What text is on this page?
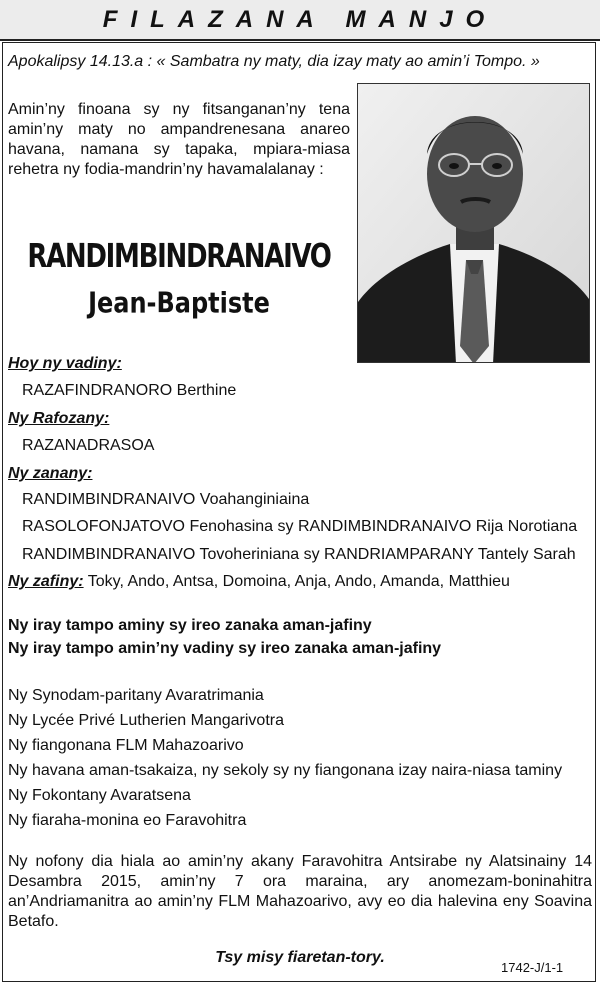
FILAZANA MANJO
Apokalipsy 14.13.a : « Sambatra ny maty, dia izay maty ao amin’i Tompo. »
Amin’ny finoana sy ny fitsanganan’ny tena amin’ny maty no ampandrenesana anareo havana, namana sy tapaka, mpiara-miasa rehetra ny fodia-mandrin’ny havamalalanay :
RANDIMBINDRANAIVO
Jean-Baptiste
Hoy ny vadiny:
RAZAFINDRANORO Berthine
Ny Rafozany:
RAZANADRASOA
Ny zanany:
RANDIMBINDRANAIVO Voahanginiaina
RASOLOFONJATOVO Fenohasina sy RANDIMBINDRANAIVO Rija Norotiana
RANDIMBINDRANAIVO Tovoheriniana sy RANDRIAMPARANY Tantely Sarah
Ny zafiny: Toky, Ando, Antsa, Domoina, Anja, Ando, Amanda, Matthieu
Ny iray tampo aminy sy ireo zanaka aman-jafiny
Ny iray tampo amin’ny vadiny sy ireo zanaka aman-jafiny
Ny Synodam-paritany Avaratrimania
Ny Lycée Privé Lutherien Mangarivotra
Ny fiangonana FLM Mahazoarivo
Ny havana aman-tsakaiza, ny sekoly sy ny fiangonana izay naira-niasa taminy
Ny Fokontany Avaratsena
Ny fiaraha-monina eo Faravohitra
Ny nofony dia hiala ao amin’ny akany Faravohitra Antsirabe ny Alatsinainy 14 Desambra 2015, amin’ny 7 ora maraina, ary anomezam-boninahitra an’Andriamanitra ao amin’ny FLM Mahazoarivo, avy eo dia halevina eny Soavina Betafo.
Tsy misy fiaretan-tory.
1742-J/1-1
